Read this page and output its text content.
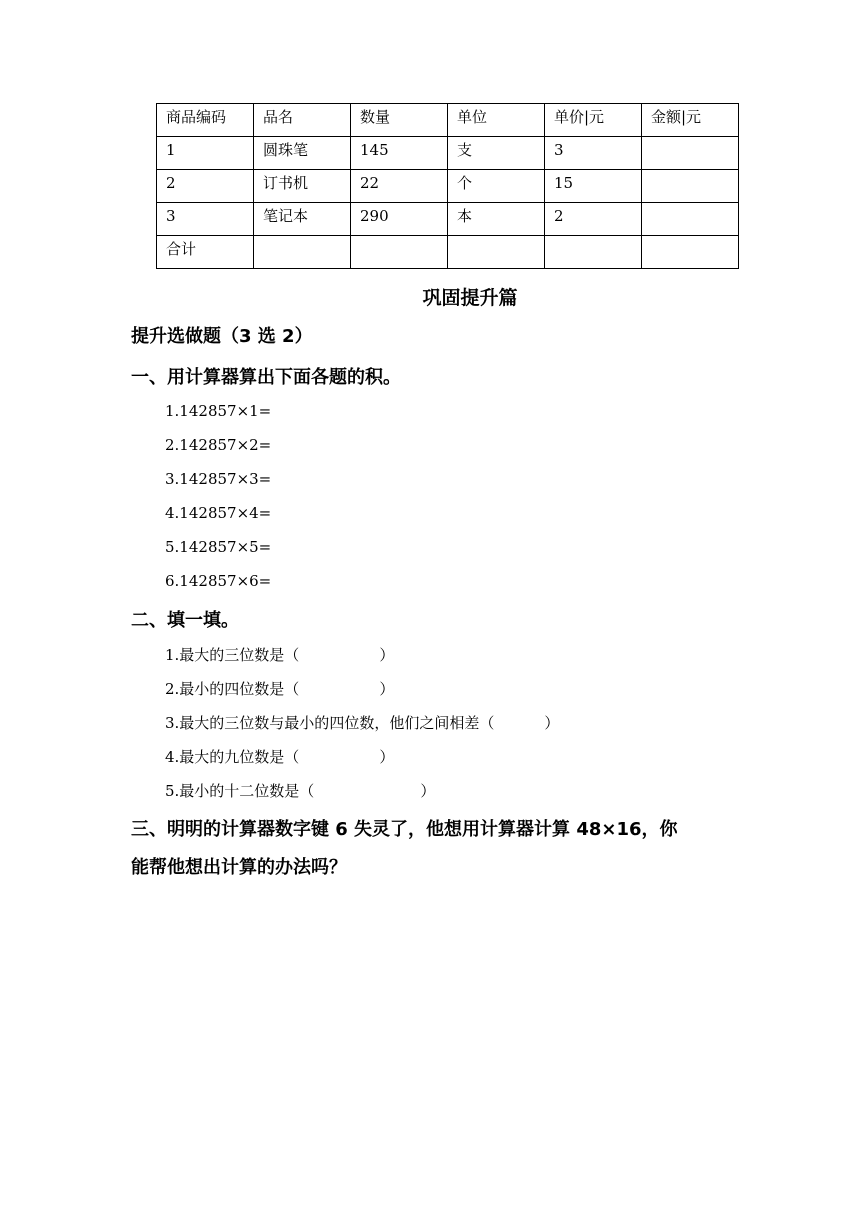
商品编码	品名	数量	单位	单价|元	金额|元
1	圆珠笔	145	支	3	
2	订书机	22	个	15	
3	笔记本	290	本	2	
合计					
巩固提升篇
提升选做题（3 选 2）
一、用计算器算出下面各题的积。
1.142857×1=
2.142857×2=
3.142857×3=
4.142857×4=
5.142857×5=
6.142857×6=
二、填一填。
1.最大的三位数是（	）
2.最小的四位数是（	）
3.最大的三位数与最小的四位数，他们之间相差（	）
4.最大的九位数是（	）
5.最小的十二位数是（	）
三、明明的计算器数字键 6 失灵了，他想用计算器计算 48×16，你
能帮他想出计算的办法吗？
